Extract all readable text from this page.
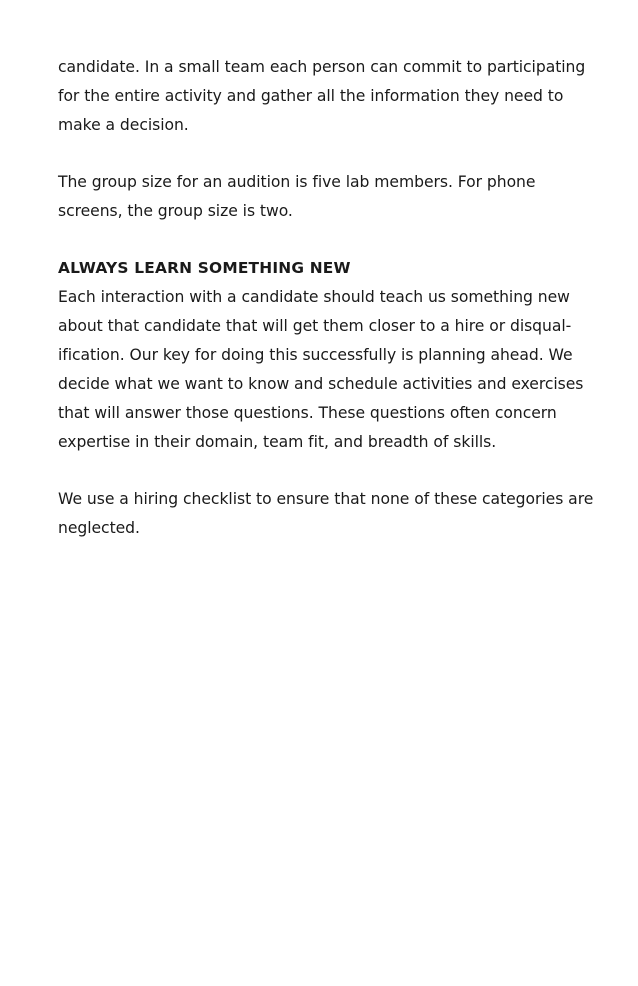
candidate. In a small team each person can commit to participating
for the entire activity and gather all the information they need to
make a decision.
The group size for an audition is five lab members. For phone
screens, the group size is two.
ALWAYS LEARN SOMETHING NEW
Each interaction with a candidate should teach us something new
about that candidate that will get them closer to a hire or disqual-
ification. Our key for doing this successfully is planning ahead. We
decide what we want to know and schedule activities and exercises
that will answer those questions. These questions often concern
expertise in their domain, team fit, and breadth of skills.
We use a hiring checklist to ensure that none of these categories are
neglected.
